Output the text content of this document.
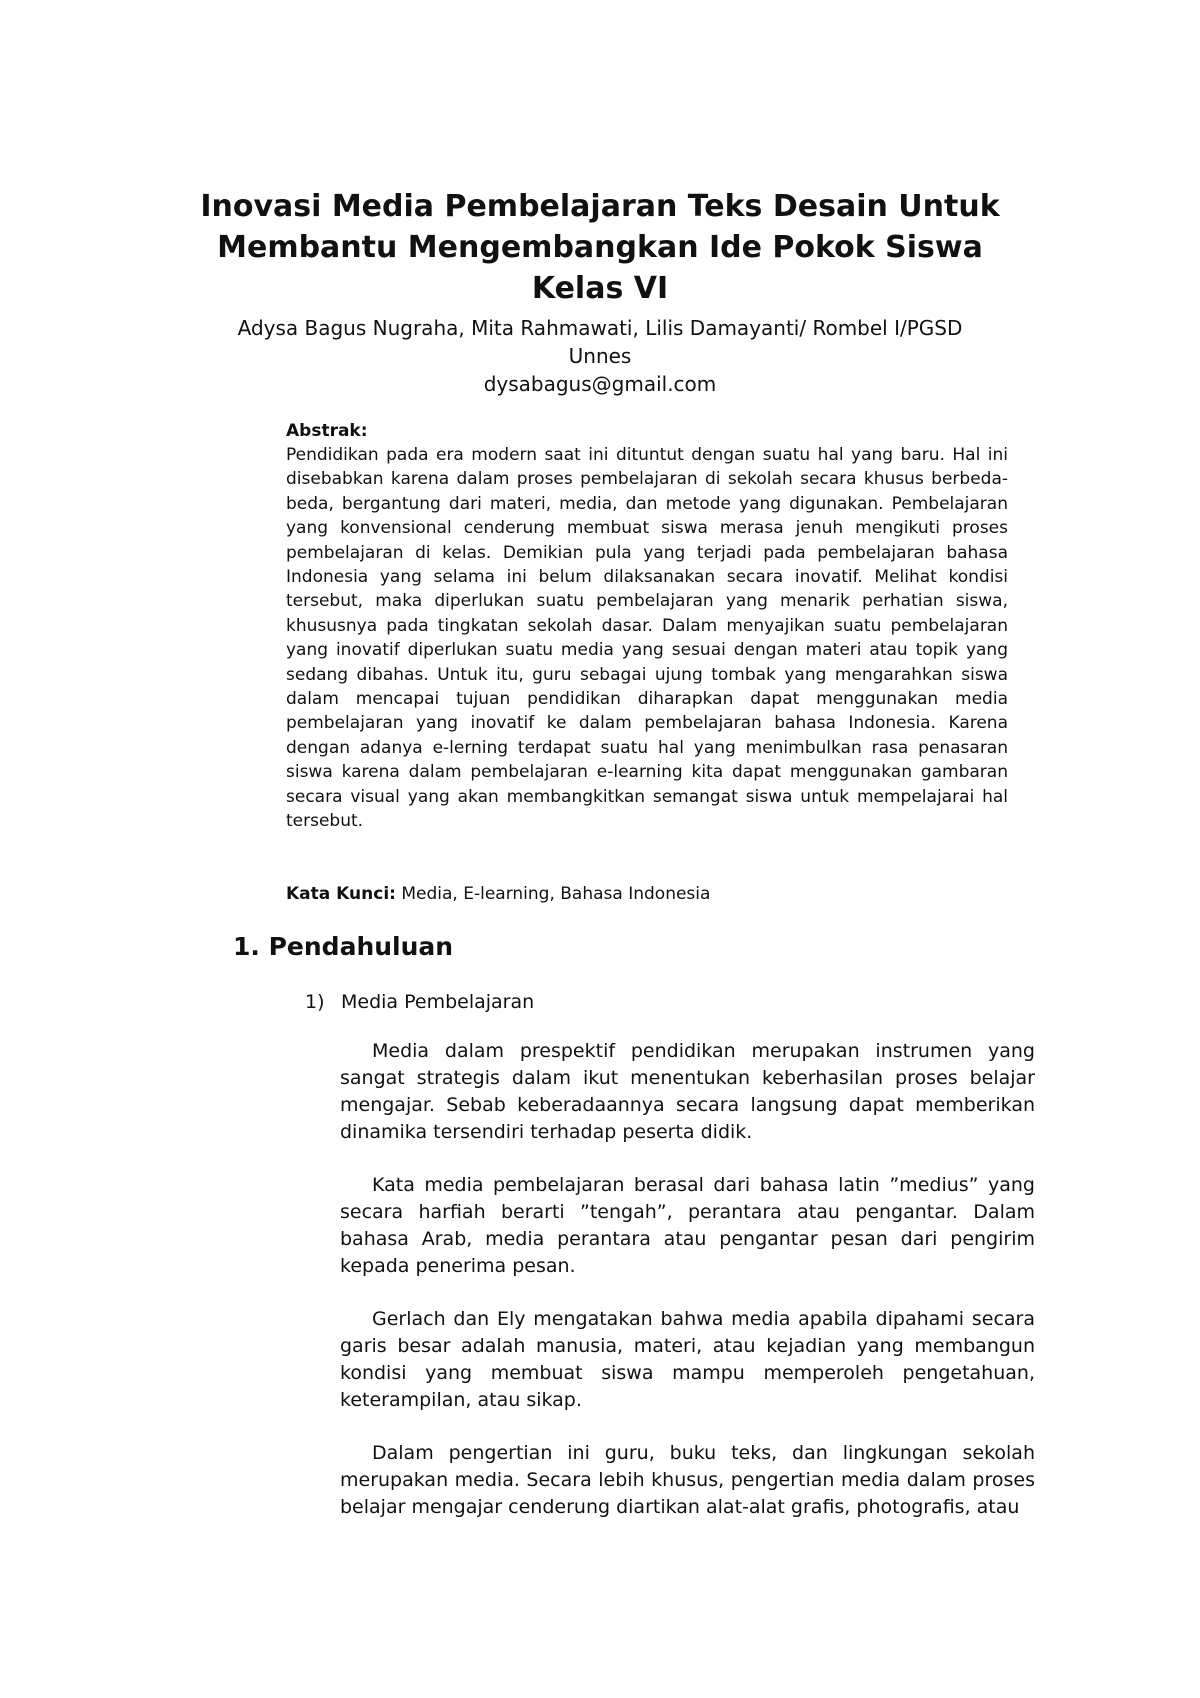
Inovasi Media Pembelajaran Teks Desain Untuk Membantu Mengembangkan Ide Pokok Siswa Kelas VI
Adysa Bagus Nugraha, Mita Rahmawati, Lilis Damayanti/ Rombel I/PGSD Unnes
dysabagus@gmail.com
Abstrak:
Pendidikan pada era modern saat ini dituntut dengan suatu hal yang baru. Hal ini disebabkan karena dalam proses pembelajaran di sekolah secara khusus berbeda-beda, bergantung dari materi, media, dan metode yang digunakan. Pembelajaran yang konvensional cenderung membuat siswa merasa jenuh mengikuti proses pembelajaran di kelas. Demikian pula yang terjadi pada pembelajaran bahasa Indonesia yang selama ini belum dilaksanakan secara inovatif. Melihat kondisi tersebut, maka diperlukan suatu pembelajaran yang menarik perhatian siswa, khususnya pada tingkatan sekolah dasar. Dalam menyajikan suatu pembelajaran yang inovatif diperlukan suatu media yang sesuai dengan materi atau topik yang sedang dibahas. Untuk itu, guru sebagai ujung tombak yang mengarahkan siswa dalam mencapai tujuan pendidikan diharapkan dapat menggunakan media pembelajaran yang inovatif ke dalam pembelajaran bahasa Indonesia. Karena dengan adanya e-lerning terdapat suatu hal yang menimbulkan rasa penasaran siswa karena dalam pembelajaran e-learning kita dapat menggunakan gambaran secara visual yang akan membangkitkan semangat siswa untuk mempelajarai hal tersebut.
Kata Kunci: Media, E-learning, Bahasa Indonesia
1. Pendahuluan
1) Media Pembelajaran

Media dalam prespektif pendidikan merupakan instrumen yang sangat strategis dalam ikut menentukan keberhasilan proses belajar mengajar. Sebab keberadaannya secara langsung dapat memberikan dinamika tersendiri terhadap peserta didik.

Kata media pembelajaran berasal dari bahasa latin ”medius” yang secara harfiah berarti ”tengah”, perantara atau pengantar. Dalam bahasa Arab, media perantara atau pengantar pesan dari pengirim kepada penerima pesan.

Gerlach dan Ely mengatakan bahwa media apabila dipahami secara garis besar adalah manusia, materi, atau kejadian yang membangun kondisi yang membuat siswa mampu memperoleh pengetahuan, keterampilan, atau sikap.

Dalam pengertian ini guru, buku teks, dan lingkungan sekolah merupakan media. Secara lebih khusus, pengertian media dalam proses belajar mengajar cenderung diartikan alat-alat grafis, photografis, atau
